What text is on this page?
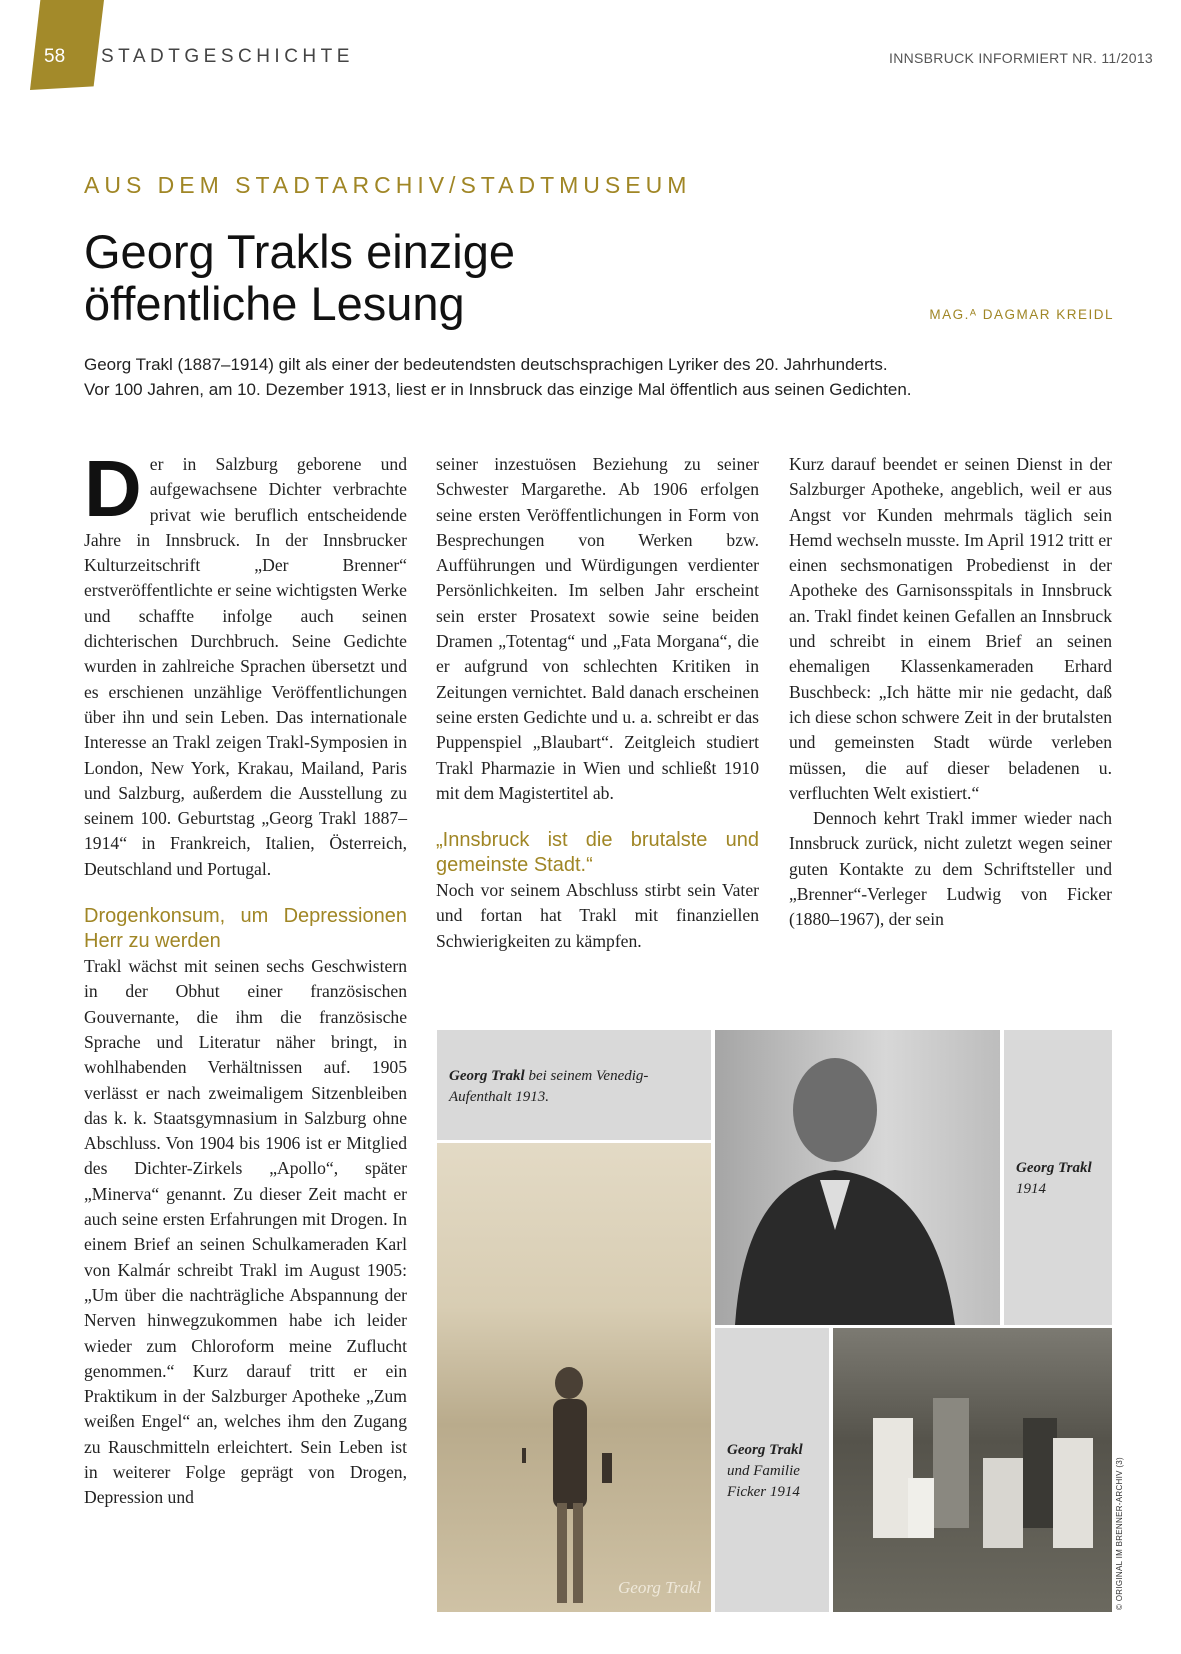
58 STADTGESCHICHTE	INNSBRUCK INFORMIERT NR. 11/2013
AUS DEM STADTARCHIV/STADTMUSEUM
Georg Trakls einzige
öffentliche Lesung	MAG.ᴬ DAGMAR KREIDL
Georg Trakl (1887–1914) gilt als einer der bedeutendsten deutschsprachigen Lyriker des 20. Jahrhunderts.
Vor 100 Jahren, am 10. Dezember 1913, liest er in Innsbruck das einzige Mal öffentlich aus seinen Gedichten.
D er in Salzburg geborene und aufgewachsene Dichter verbrachte privat wie beruflich entscheidende Jahre in Innsbruck. In der Innsbrucker Kulturzeitschrift „Der Brenner“ erstveröffentlichte er seine wichtigsten Werke und schaffte infolge auch seinen dichterischen Durchbruch. Seine Gedichte wurden in zahlreiche Sprachen übersetzt und es erschienen unzählige Veröffentlichungen über ihn und sein Leben. Das internationale Interesse an Trakl zeigen Trakl-Symposien in London, New York, Krakau, Mailand, Paris und Salzburg, außerdem die Ausstellung zu seinem 100. Geburtstag „Georg Trakl 1887–1914“ in Frankreich, Italien, Österreich, Deutschland und Portugal.

Drogenkonsum, um Depressionen Herr zu werden

Trakl wächst mit seinen sechs Geschwistern in der Obhut einer französischen Gouvernante, die ihm die französische Sprache und Literatur näher bringt, in wohlhabenden Verhältnissen auf. 1905 verlässt er nach zweimaligem Sitzenbleiben das k. k. Staatsgymnasium in Salzburg ohne Abschluss. Von 1904 bis 1906 ist er Mitglied des Dichter-Zirkels „Apollo“, später „Minerva“ genannt. Zu dieser Zeit macht er auch seine ersten Erfahrungen mit Drogen. In einem Brief an seinen Schulkameraden Karl von Kalmár schreibt Trakl im August 1905: „Um über die nachträgliche Abspannung der Nerven hinwegzukommen habe ich leider wieder zum Chloroform meine Zuflucht genommen.“ Kurz darauf tritt er ein Praktikum in der Salzburger Apotheke „Zum weißen Engel“ an, welches ihm den Zugang zu Rauschmitteln erleichtert. Sein Leben ist in weiterer Folge geprägt von Drogen, Depression und

seiner inzestuösen Beziehung zu seiner Schwester Margarethe. Ab 1906 erfolgen seine ersten Veröffentlichungen in Form von Besprechungen von Werken bzw. Aufführungen und Würdigungen verdienter Persönlichkeiten. Im selben Jahr erscheint sein erster Prosatext sowie seine beiden Dramen „Totentag“ und „Fata Morgana“, die er aufgrund von schlechten Kritiken in Zeitungen vernichtet. Bald danach erscheinen seine ersten Gedichte und u. a. schreibt er das Puppenspiel „Blaubart“. Zeitgleich studiert Trakl Pharmazie in Wien und schließt 1910 mit dem Magistertitel ab.

„Innsbruck ist die brutalste und gemeinste Stadt.“

Noch vor seinem Abschluss stirbt sein Vater und fortan hat Trakl mit finanziellen Schwierigkeiten zu kämpfen.

Kurz darauf beendet er seinen Dienst in der Salzburger Apotheke, angeblich, weil er aus Angst vor Kunden mehrmals täglich sein Hemd wechseln musste. Im April 1912 tritt er einen sechsmonatigen Probedienst in der Apotheke des Garnisonsspitals in Innsbruck an. Trakl findet keinen Gefallen an Innsbruck und schreibt in einem Brief an seinen ehemaligen Klassenkameraden Erhard Buschbeck: „Ich hätte mir nie gedacht, daß ich diese schon schwere Zeit in der brutalsten und gemeinsten Stadt würde verleben müssen, die auf dieser beladenen u. verfluchten Welt existiert.“

Dennoch kehrt Trakl immer wieder nach Innsbruck zurück, nicht zuletzt wegen seiner guten Kontakte zu dem Schriftsteller und „Brenner“-Verleger Ludwig von Ficker (1880–1967), der sein

Georg Trakl bei seinem Venedig-Aufenthalt 1913.
Georg Trakl
Georg Trakl
1914
Georg Trakl
und Familie Ficker 1914	© ORIGINAL IM BRENNER-ARCHIV (3)
